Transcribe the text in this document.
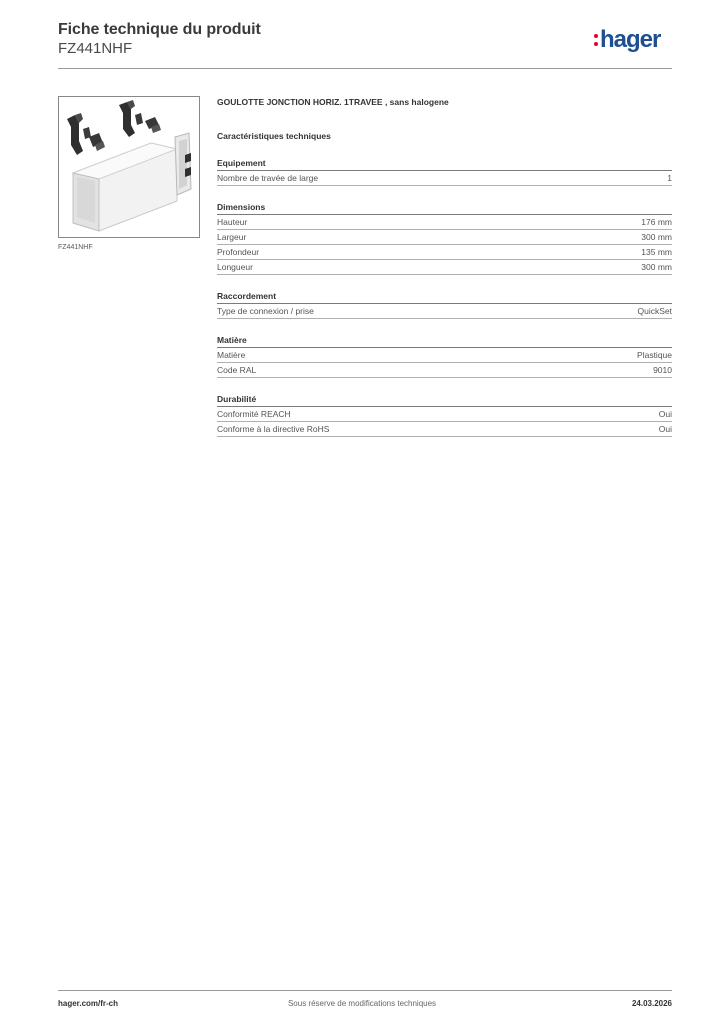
Fiche technique du produit
FZ441NHF	hager
FZ441NHF
GOULOTTE JONCTION HORIZ. 1TRAVEE , sans halogene
Caractéristiques techniques
Equipement
Nombre de travée de large	1
Dimensions
Hauteur	176 mm
Largeur	300 mm
Profondeur	135 mm
Longueur	300 mm
Raccordement
Type de connexion / prise	QuickSet
Matière
Matière	Plastique
Code RAL	9010
Durabilité
Conformité REACH	Oui
Conforme à la directive RoHS	Oui
hager.com/fr-ch	Sous réserve de modifications techniques	24.03.2026
